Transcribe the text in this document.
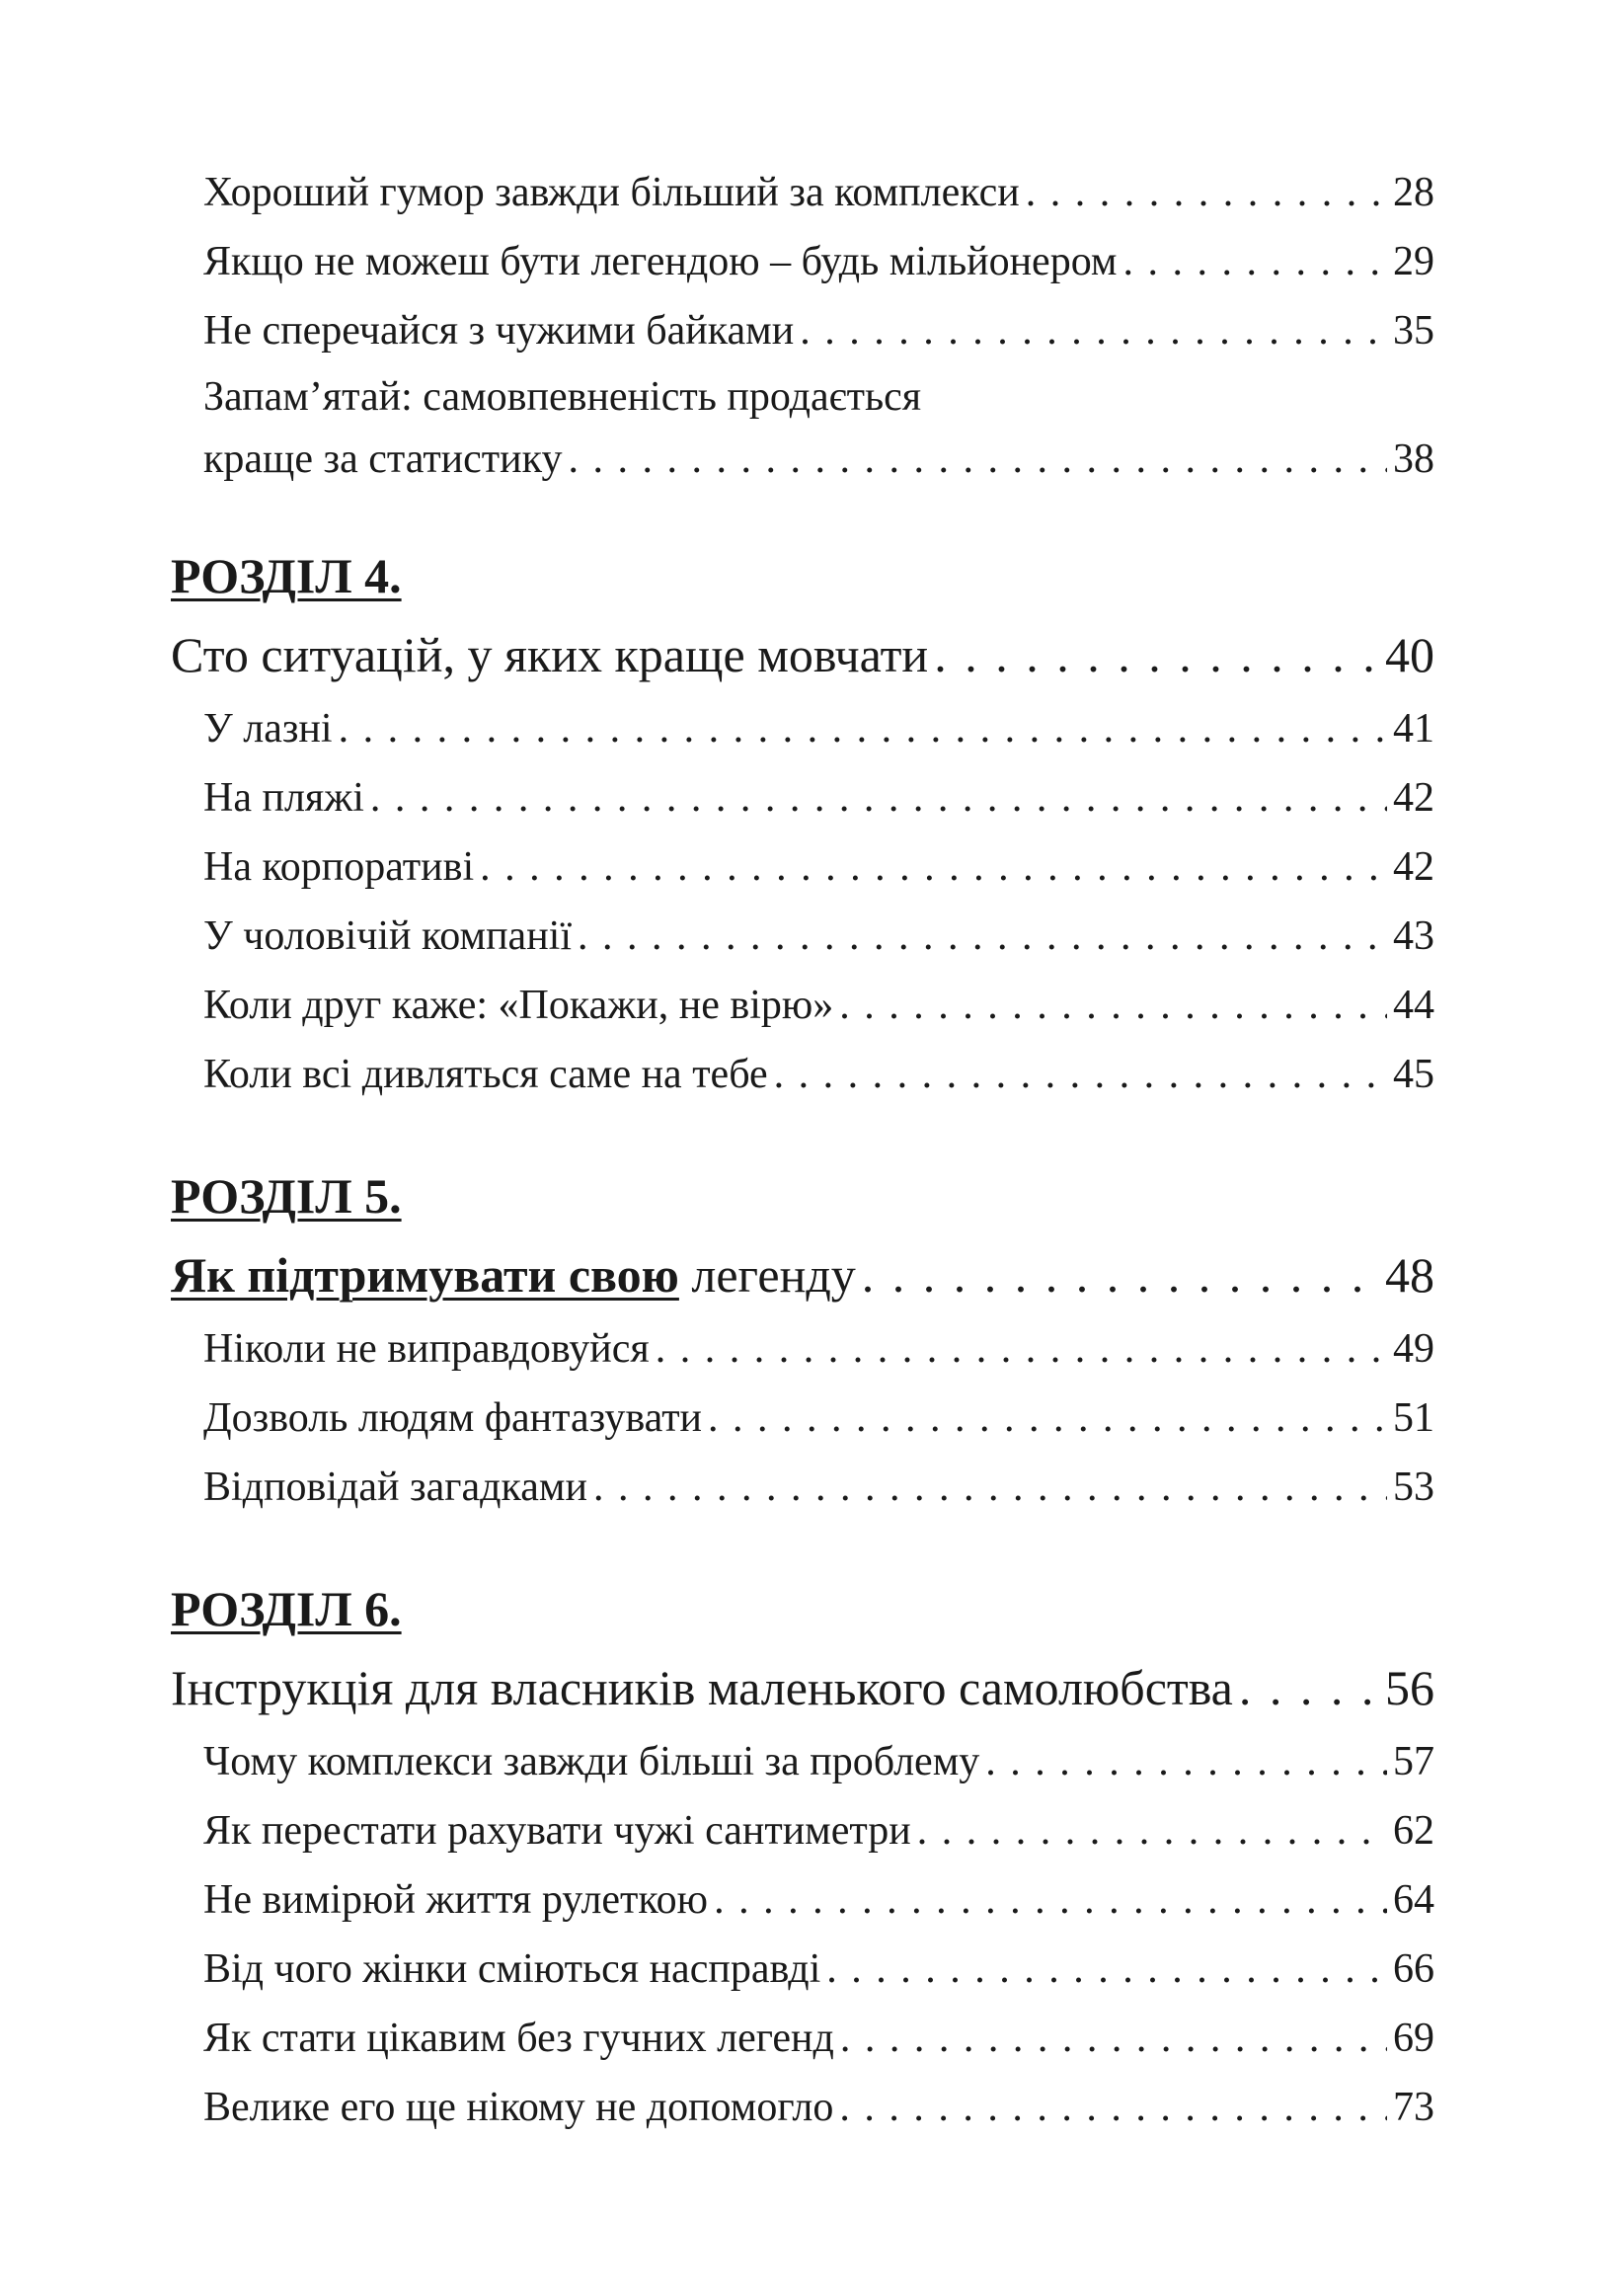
Хороший гумор завжди більший за комплекси . . .	28
Якщо не можеш бути легендою – будь мільйонером . . .	29
Не сперечайся з чужими байками . . .	35
Запам’ятай: самовпевненість продається
краще за статистику . . .	38
РОЗДІЛ 4.
Сто ситуацій, у яких краще мовчати . . .	40
У лазні . . .	41
На пляжі . . .	42
На корпоративі . . .	42
У чоловічій компанії . . .	43
Коли друг каже: «Покажи, не вірю» . . .	44
Коли всі дивляться саме на тебе . . .	45
РОЗДІЛ 5.
Як підтримувати свою легенду . . .	48
Ніколи не виправдовуйся . . .	49
Дозволь людям фантазувати . . .	51
Відповідай загадками . . .	53
РОЗДІЛ 6.
Інструкція для власників маленького самолюбства . . .	56
Чому комплекси завжди більші за проблему . . .	57
Як перестати рахувати чужі сантиметри . . .	62
Не вимірюй життя рулеткою . . .	64
Від чого жінки сміються насправді . . .	66
Як стати цікавим без гучних легенд . . .	69
Велике его ще нікому не допомогло . . .	73
